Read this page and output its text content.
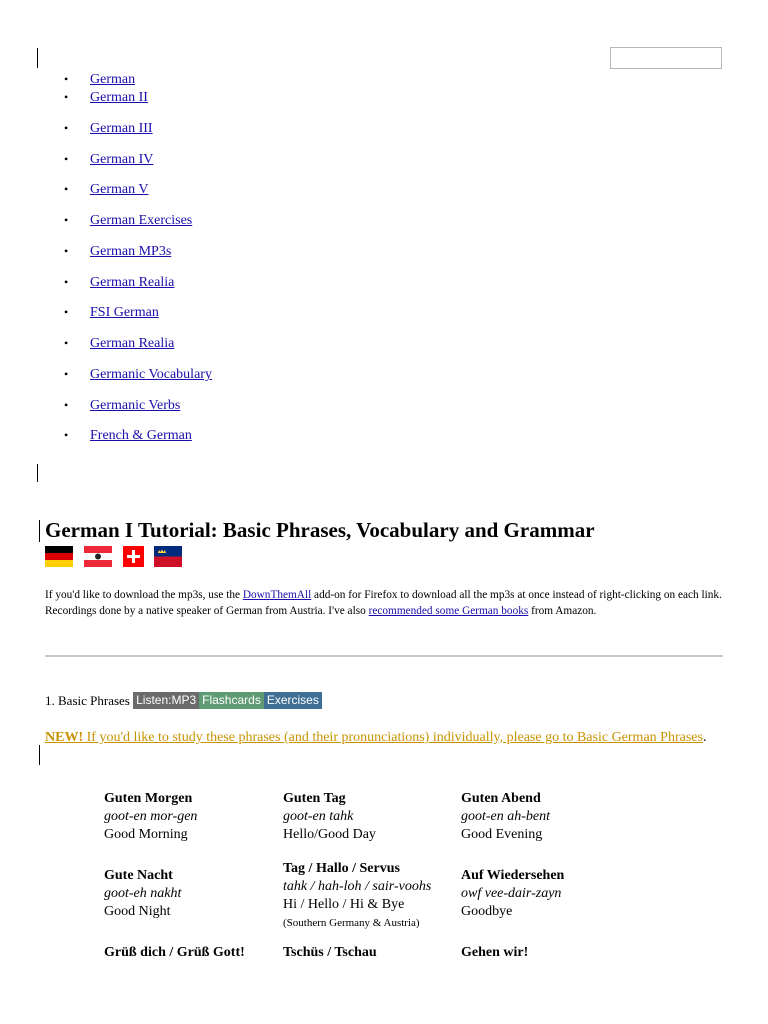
• German
• German II
• German III
• German IV
• German V
• German Exercises
• German MP3s
• German Realia
• FSI German
• German Realia
• Germanic Vocabulary
• Germanic Verbs
• French & German
German I Tutorial: Basic Phrases, Vocabulary and Grammar
If you'd like to download the mp3s, use the DownThemAll add-on for Firefox to download all the mp3s at once instead of right-clicking on each link. Recordings done by a native speaker of German from Austria. I've also recommended some German books from Amazon.
1. Basic Phrases Listen:MP3 Flashcards Exercises
NEW! If you'd like to study these phrases (and their pronunciations) individually, please go to Basic German Phrases.
Guten Morgen
goot-en mor-gen
Good Morning
Guten Tag
goot-en tahk
Hello/Good Day
Guten Abend
goot-en ah-bent
Good Evening
Gute Nacht
goot-eh nakht
Good Night
Tag / Hallo / Servus
tahk / hah-loh / sair-voohs
Hi / Hello / Hi & Bye
(Southern Germany & Austria)
Auf Wiedersehen
owf vee-dair-zayn
Goodbye
Grüß dich / Grüß Gott!	Tschüs / Tschau	Gehen wir!
